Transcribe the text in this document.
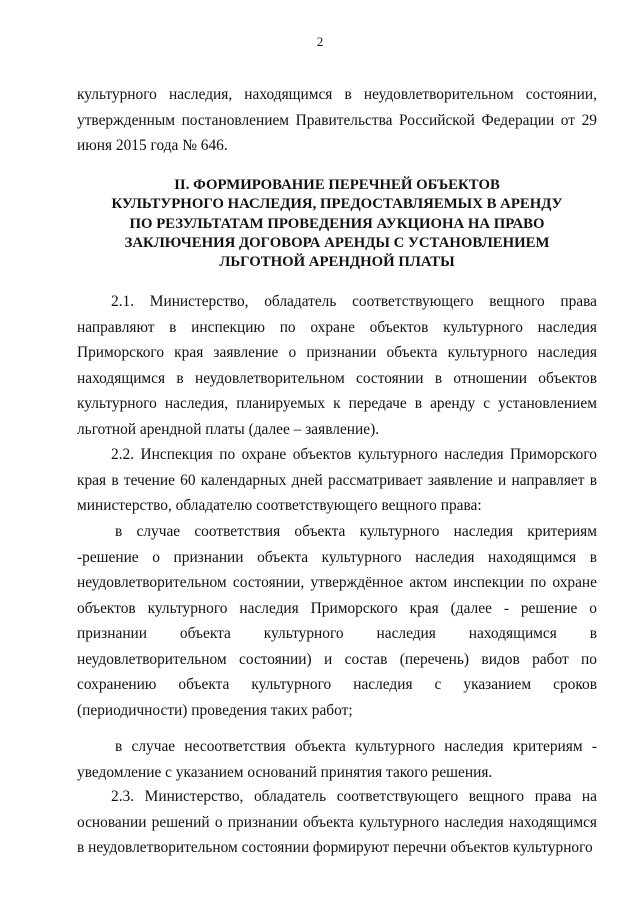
2

культурного наследия, находящимся в неудовлетворительном состоянии, утвержденным постановлением Правительства Российской Федерации от 29 июня 2015 года № 646.

II. ФОРМИРОВАНИЕ ПЕРЕЧНЕЙ ОБЪЕКТОВ
КУЛЬТУРНОГО НАСЛЕДИЯ, ПРЕДОСТАВЛЯЕМЫХ В АРЕНДУ
ПО РЕЗУЛЬТАТАМ ПРОВЕДЕНИЯ АУКЦИОНА НА ПРАВО
ЗАКЛЮЧЕНИЯ ДОГОВОРА АРЕНДЫ С УСТАНОВЛЕНИЕМ
ЛЬГОТНОЙ АРЕНДНОЙ ПЛАТЫ

2.1. Министерство, обладатель соответствующего вещного права направляют в инспекцию по охране объектов культурного наследия Приморского края заявление о признании объекта культурного наследия находящимся в неудовлетворительном состоянии в отношении объектов культурного наследия, планируемых к передаче в аренду с установлением льготной арендной платы (далее – заявление).

2.2. Инспекция по охране объектов культурного наследия Приморского края в течение 60 календарных дней рассматривает заявление и направляет в министерство, обладателю соответствующего вещного права:

в случае соответствия объекта культурного наследия критериям -решение о признании объекта культурного наследия находящимся в неудовлетворительном состоянии, утверждённое актом инспекции по охране объектов культурного наследия Приморского края (далее - решение о признании объекта культурного наследия находящимся в неудовлетворительном состоянии) и состав (перечень) видов работ по сохранению объекта культурного наследия с указанием сроков (периодичности) проведения таких работ;

в случае несоответствия объекта культурного наследия критериям - уведомление с указанием оснований принятия такого решения.

2.3. Министерство, обладатель соответствующего вещного права на основании решений о признании объекта культурного наследия находящимся в неудовлетворительном состоянии формируют перечни объектов культурного
